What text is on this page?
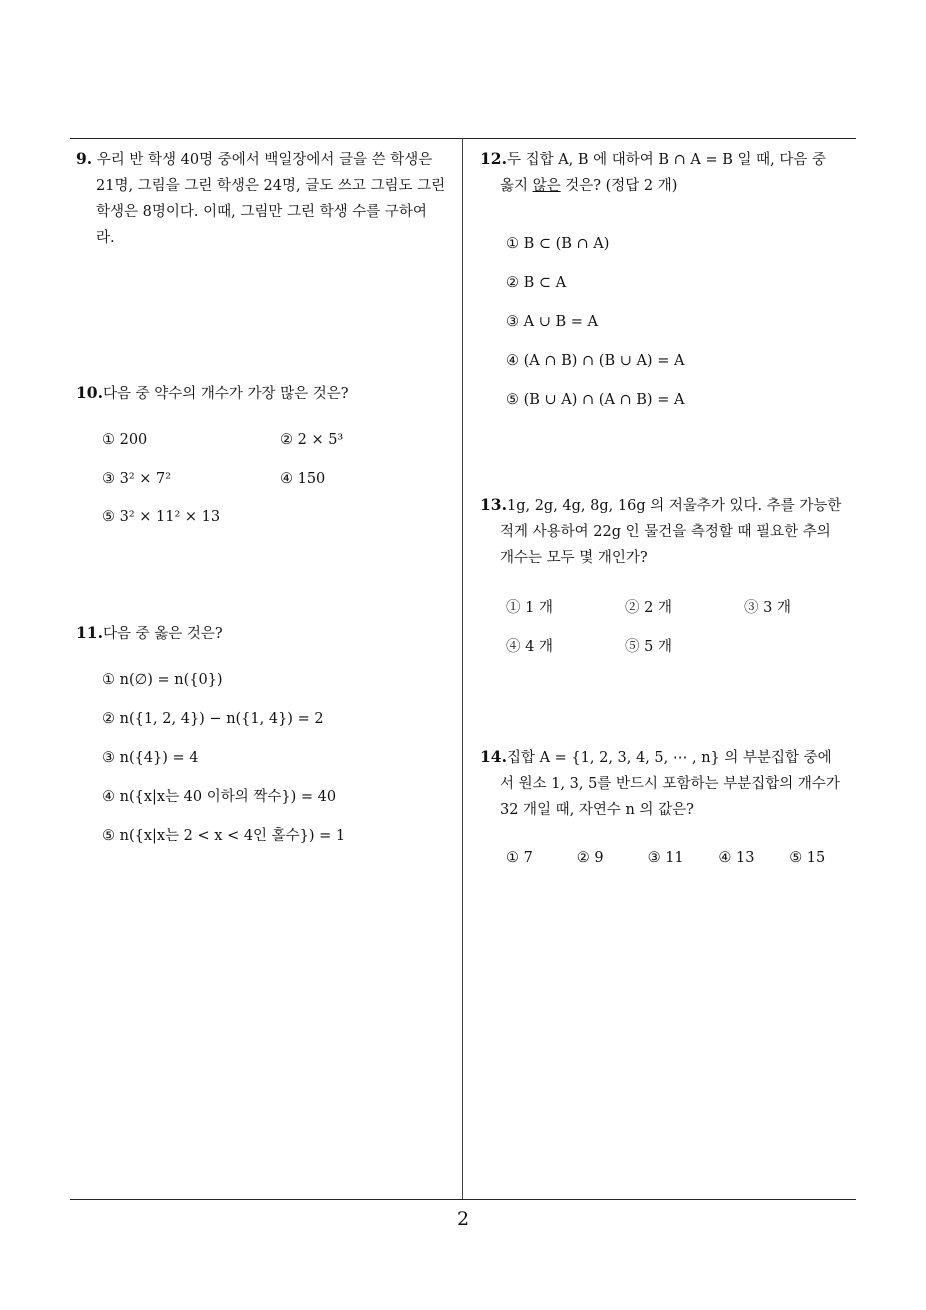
9. 우리 반 학생 40명 중에서 백일장에서 글을 쓴 학생은

21명, 그림을 그린 학생은 24명, 글도 쓰고 그림도 그린

학생은 8명이다. 이때, 그림만 그린 학생 수를 구하여

라.

10.다음 중 약수의 개수가 가장 많은 것은?

① 200	② 2 × 5³
③ 3² × 7²	④ 150
⑤ 3² × 11² × 13

11.다음 중 옳은 것은?

① n(∅) = n({0})
② n({1, 2, 4}) − n({1, 4}) = 2
③ n({4}) = 4
④ n({x|x는 40 이하의 짝수}) = 40
⑤ n({x|x는 2 < x < 4인 홀수}) = 1

12.두 집합 A, B 에 대하여 B ∩ A = B 일 때, 다음 중

옳지 않은 것은? (정답 2 개)

① B ⊂ (B ∩ A)
② B ⊂ A
③ A ∪ B = A
④ (A ∩ B) ∩ (B ∪ A) = A
⑤ (B ∪ A) ∩ (A ∩ B) = A

13.1g, 2g, 4g, 8g, 16g 의 저울추가 있다. 추를 가능한

적게 사용하여 22g 인 물건을 측정할 때 필요한 추의

개수는 모두 몇 개인가?

① 1 개	② 2 개	③ 3 개
④ 4 개	⑤ 5 개

14.집합 A = {1, 2, 3, 4, 5, ⋯ , n} 의 부분집합 중에

서 원소 1, 3, 5를 반드시 포함하는 부분집합의 개수가

32 개일 때, 자연수 n 의 값은?

① 7	② 9	③ 11	④ 13	⑤ 15
2
